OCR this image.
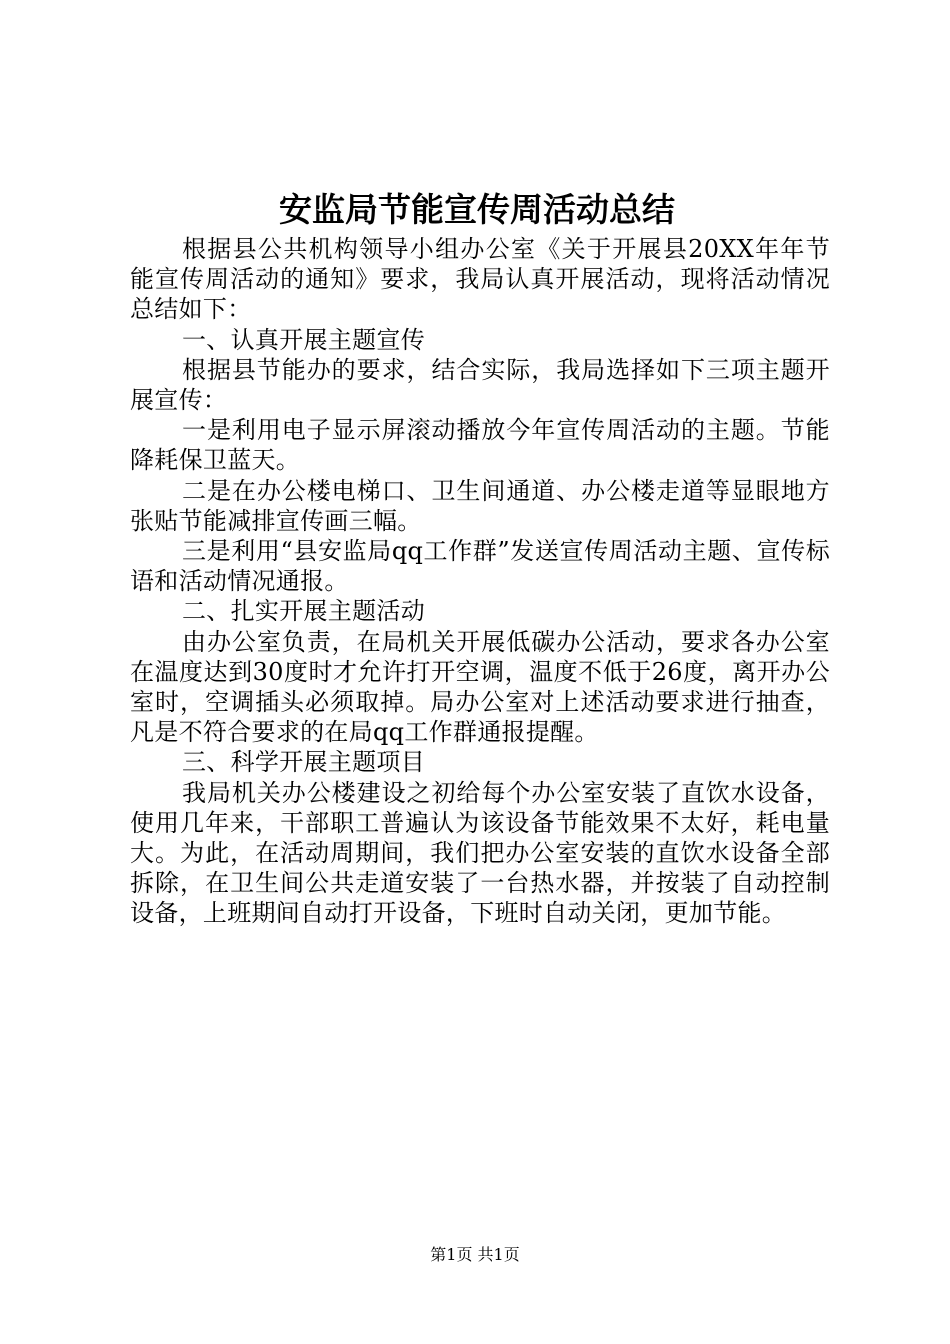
安监局节能宣传周活动总结

根据县公共机构领导小组办公室《关于开展县20XX年年节能宣传周活动的通知》要求，我局认真开展活动，现将活动情况总结如下：

一、认真开展主题宣传

根据县节能办的要求，结合实际，我局选择如下三项主题开展宣传：

一是利用电子显示屏滚动播放今年宣传周活动的主题。节能降耗保卫蓝天。

二是在办公楼电梯口、卫生间通道、办公楼走道等显眼地方张贴节能减排宣传画三幅。

三是利用“县安监局qq工作群”发送宣传周活动主题、宣传标语和活动情况通报。

二、扎实开展主题活动

由办公室负责，在局机关开展低碳办公活动，要求各办公室在温度达到30度时才允许打开空调，温度不低于26度，离开办公室时，空调插头必须取掉。局办公室对上述活动要求进行抽查，凡是不符合要求的在局qq工作群通报提醒。

三、科学开展主题项目

我局机关办公楼建设之初给每个办公室安装了直饮水设备，使用几年来，干部职工普遍认为该设备节能效果不太好，耗电量大。为此，在活动周期间，我们把办公室安装的直饮水设备全部拆除，在卫生间公共走道安装了一台热水器，并按装了自动控制设备，上班期间自动打开设备，下班时自动关闭，更加节能。

第1页 共1页
